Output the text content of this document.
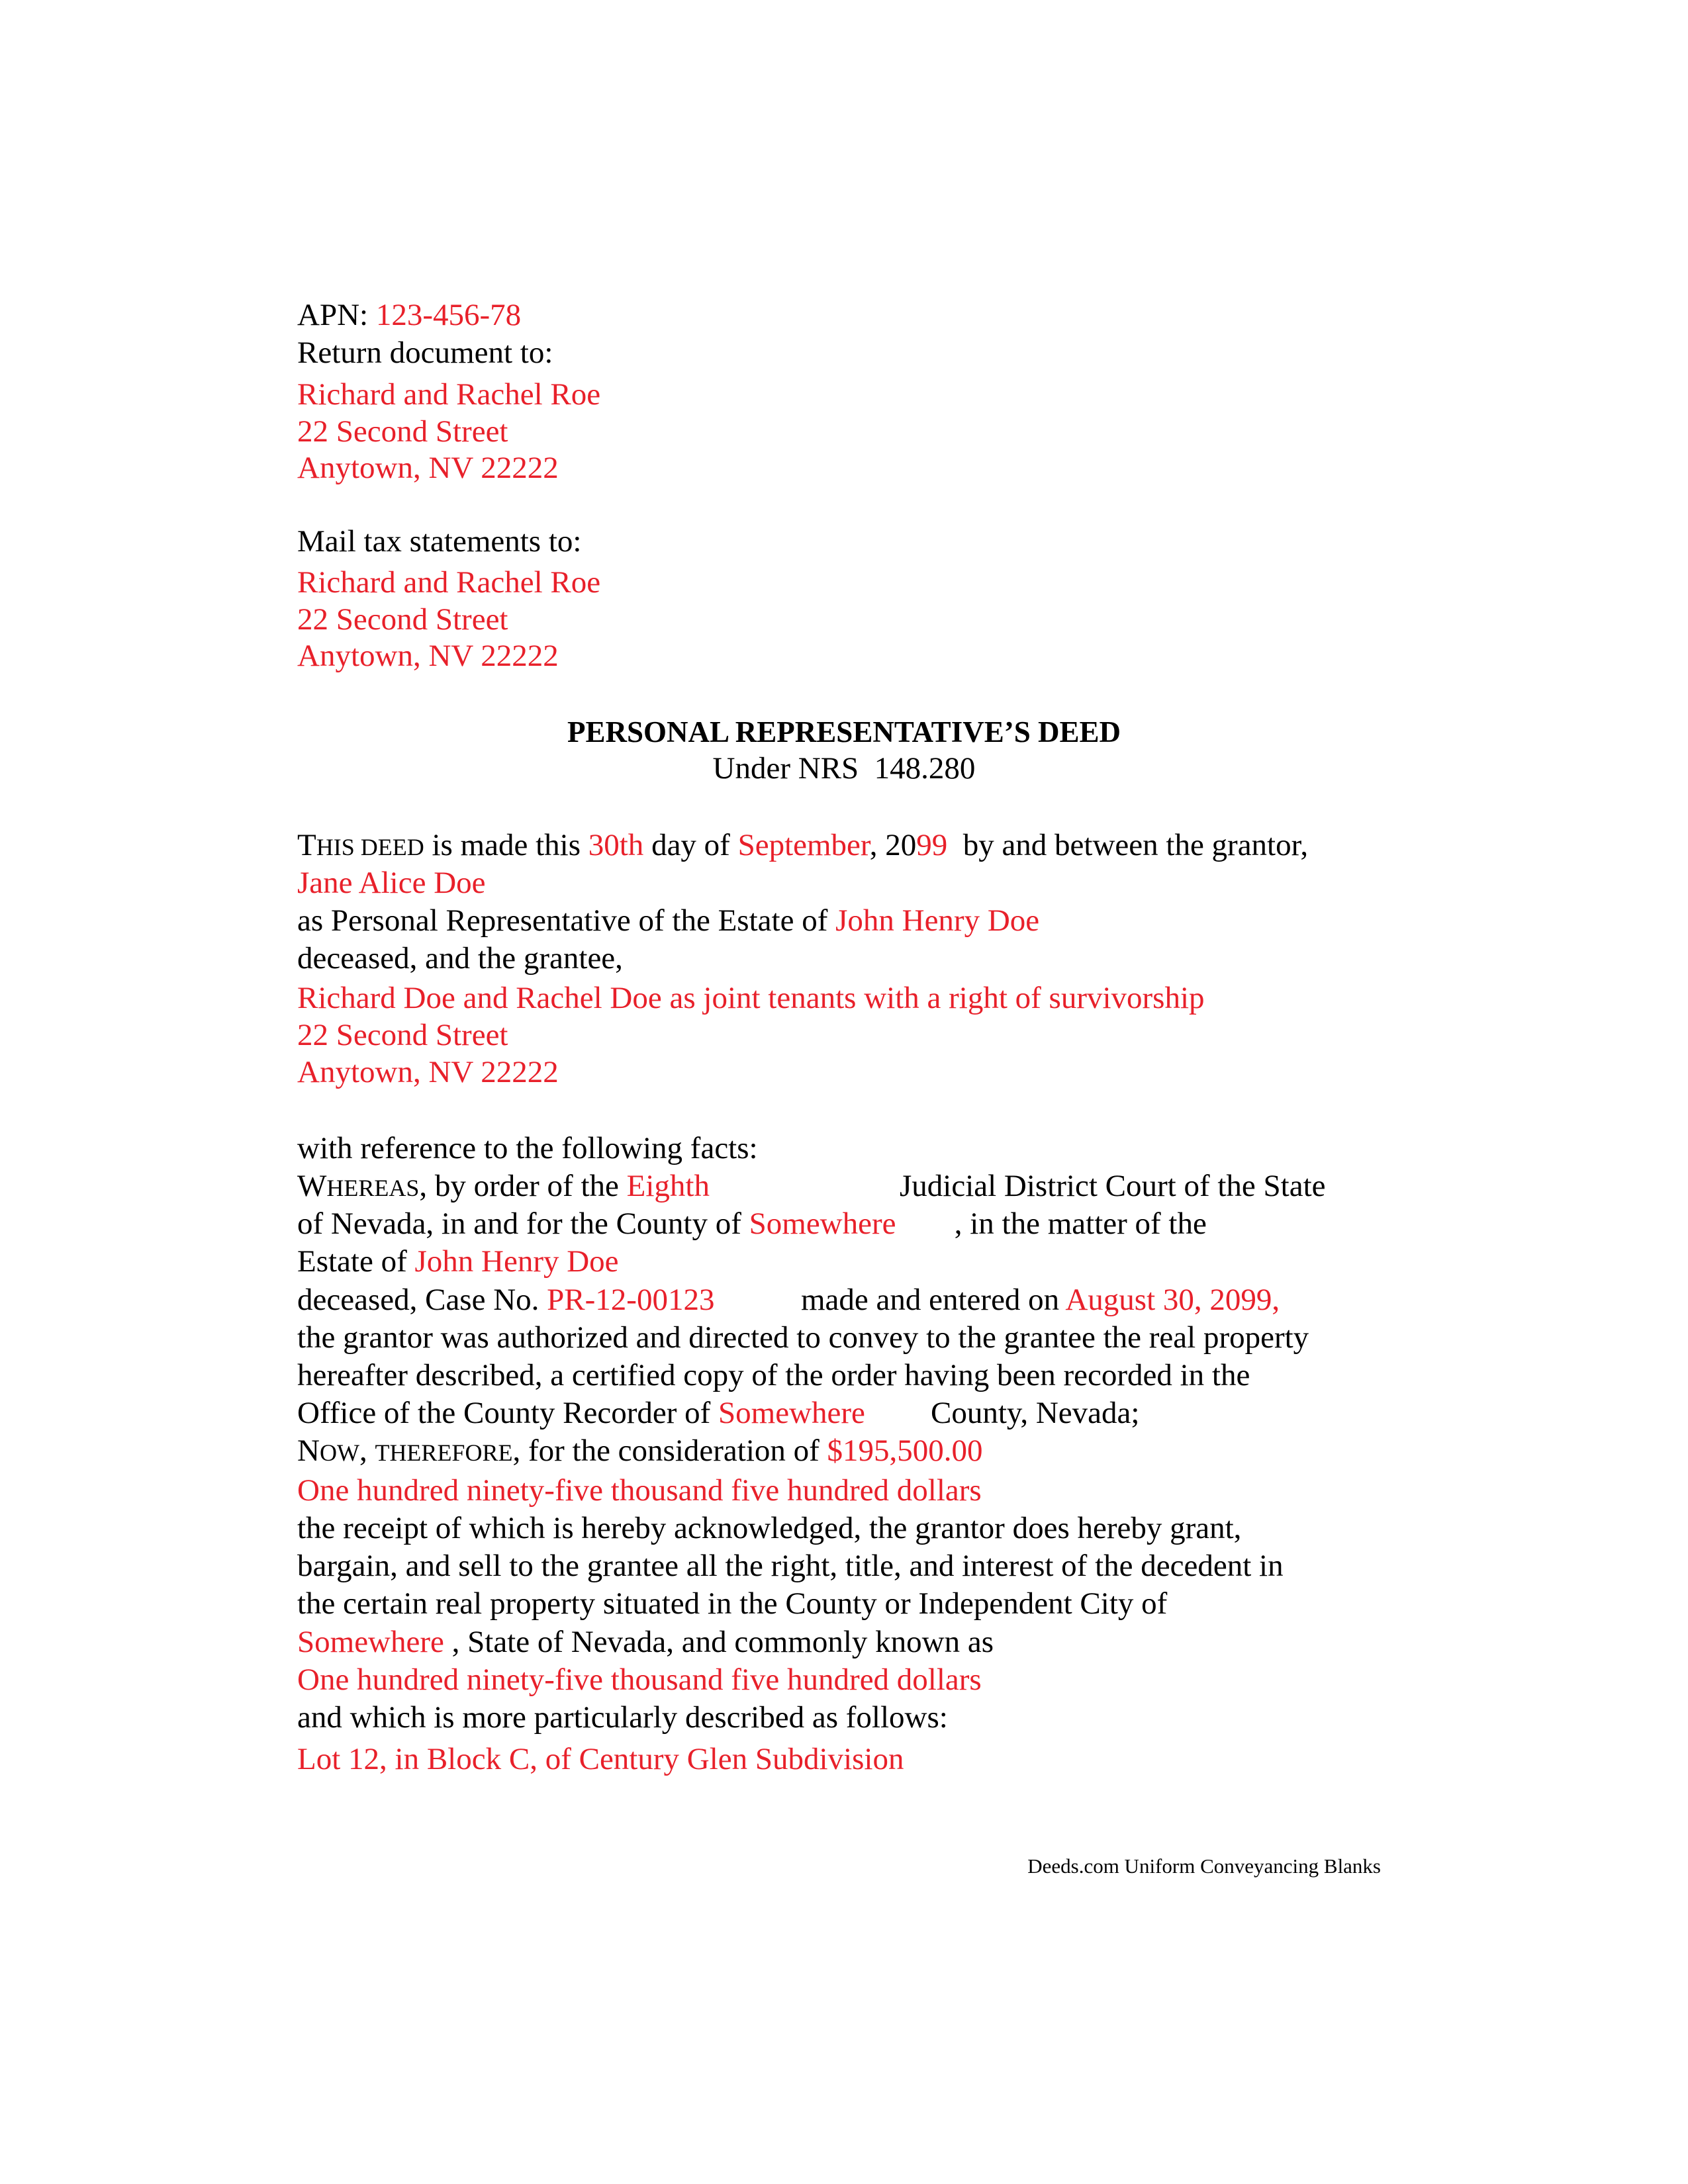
APN: 123-456-78
Return document to:
Richard and Rachel Roe
22 Second Street
Anytown, NV 22222
Mail tax statements to:
Richard and Rachel Roe
22 Second Street
Anytown, NV 22222
PERSONAL REPRESENTATIVE’S DEED
Under NRS  148.280
THIS DEED is made this 30th day of September, 2099  by and between the grantor,
Jane Alice Doe
as Personal Representative of the Estate of John Henry Doe
deceased, and the grantee,
Richard Doe and Rachel Doe as joint tenants with a right of survivorship
22 Second Street
Anytown, NV 22222
with reference to the following facts:
WHEREAS, by order of the Eighth	Judicial District Court of the State
of Nevada, in and for the County of Somewhere , in the matter of the
Estate of John Henry Doe
deceased, Case No. PR-12-00123	made and entered on August 30, 2099,
the grantor was authorized and directed to convey to the grantee the real property
hereafter described, a certified copy of the order having been recorded in the
Office of the County Recorder of Somewhere County, Nevada;
NOW, THEREFORE, for the consideration of $195,500.00
One hundred ninety-five thousand five hundred dollars
the receipt of which is hereby acknowledged, the grantor does hereby grant,
bargain, and sell to the grantee all the right, title, and interest of the decedent in
the certain real property situated in the County or Independent City of
Somewhere , State of Nevada, and commonly known as
One hundred ninety-five thousand five hundred dollars
and which is more particularly described as follows:
Lot 12, in Block C, of Century Glen Subdivision
Deeds.com Uniform Conveyancing Blanks
